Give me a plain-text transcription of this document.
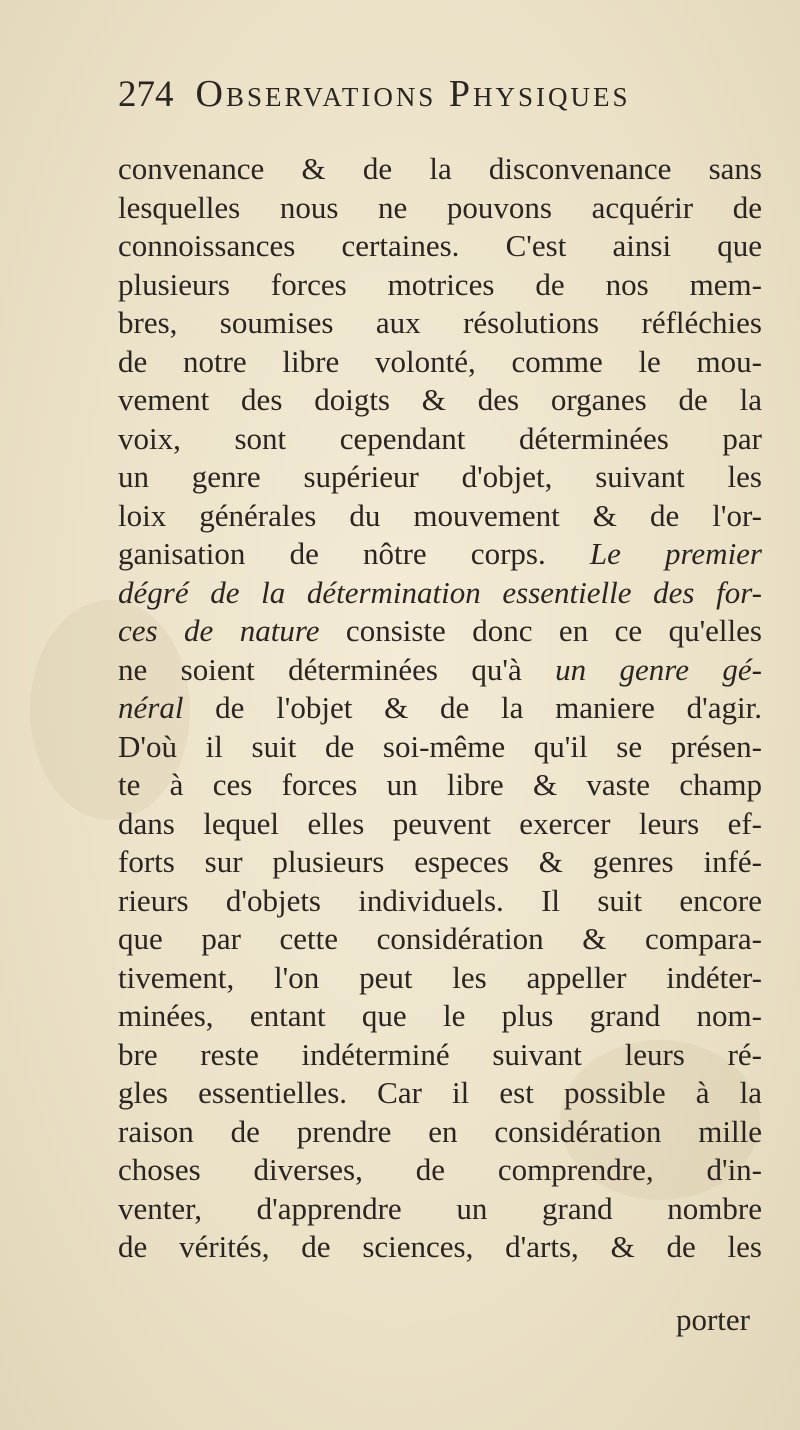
274 Observations Physiques
convenance & de la disconvenance sans
lesquelles nous ne pouvons acquérir de
connoissances certaines. C'est ainsi que
plusieurs forces motrices de nos mem-
bres, soumises aux résolutions réfléchies
de notre libre volonté, comme le mou-
vement des doigts & des organes de la
voix, sont cependant déterminées par
un genre supérieur d'objet, suivant les
loix générales du mouvement & de l'or-
ganisation de nôtre corps. Le premier
dégré de la détermination essentielle des for-
ces de nature consiste donc en ce qu'elles
ne soient déterminées qu'à un genre gé-
néral de l'objet & de la maniere d'agir.
D'où il suit de soi-même qu'il se présen-
te à ces forces un libre & vaste champ
dans lequel elles peuvent exercer leurs ef-
forts sur plusieurs especes & genres infé-
rieurs d'objets individuels. Il suit encore
que par cette considération & compara-
tivement, l'on peut les appeller indéter-
minées, entant que le plus grand nom-
bre reste indéterminé suivant leurs ré-
gles essentielles. Car il est possible à la
raison de prendre en considération mille
choses diverses, de comprendre, d'in-
venter, d'apprendre un grand nombre
de vérités, de sciences, d'arts, & de les
porter
